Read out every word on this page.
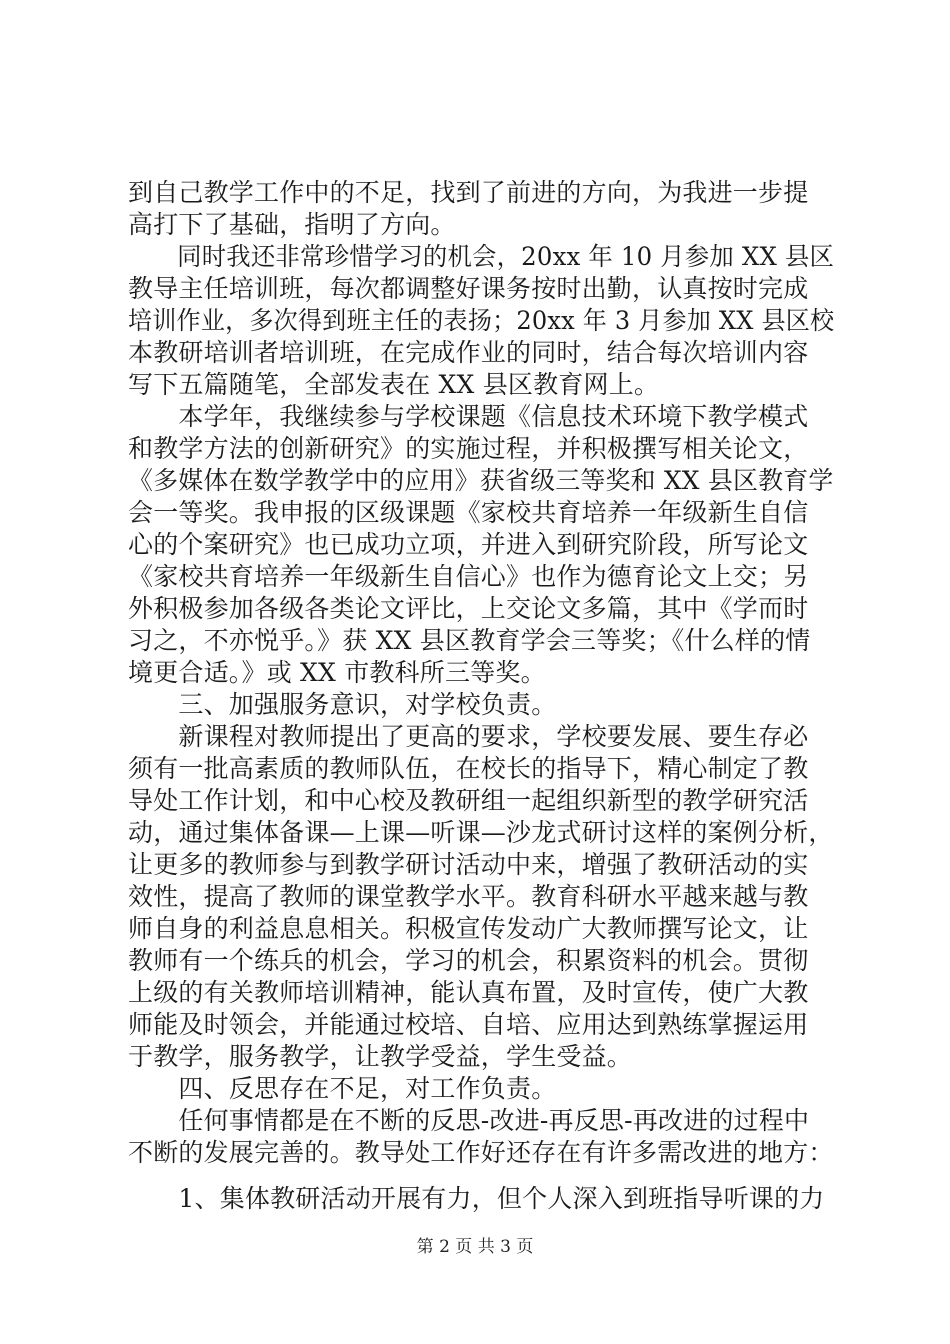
到自己教学工作中的不足，找到了前进的方向，为我进一步提
高打下了基础，指明了方向。
　　同时我还非常珍惜学习的机会，20xx 年 10 月参加 XX 县区
教导主任培训班，每次都调整好课务按时出勤，认真按时完成
培训作业，多次得到班主任的表扬；20xx 年 3 月参加 XX 县区校
本教研培训者培训班，在完成作业的同时，结合每次培训内容
写下五篇随笔，全部发表在 XX 县区教育网上。
　　本学年，我继续参与学校课题《信息技术环境下教学模式
和教学方法的创新研究》的实施过程，并积极撰写相关论文，
《多媒体在数学教学中的应用》获省级三等奖和 XX 县区教育学
会一等奖。我申报的区级课题《家校共育培养一年级新生自信
心的个案研究》也已成功立项，并进入到研究阶段，所写论文
《家校共育培养一年级新生自信心》也作为德育论文上交；另
外积极参加各级各类论文评比，上交论文多篇，其中《学而时
习之，不亦悦乎。》获 XX 县区教育学会三等奖；《什么样的情
境更合适。》或 XX 市教科所三等奖。
　　三、加强服务意识，对学校负责。
　　新课程对教师提出了更高的要求，学校要发展、要生存必
须有一批高素质的教师队伍，在校长的指导下，精心制定了教
导处工作计划，和中心校及教研组一起组织新型的教学研究活
动，通过集体备课—上课—听课—沙龙式研讨这样的案例分析，
让更多的教师参与到教学研讨活动中来，增强了教研活动的实
效性，提高了教师的课堂教学水平。教育科研水平越来越与教
师自身的利益息息相关。积极宣传发动广大教师撰写论文，让
教师有一个练兵的机会，学习的机会，积累资料的机会。贯彻
上级的有关教师培训精神，能认真布置，及时宣传，使广大教
师能及时领会，并能通过校培、自培、应用达到熟练掌握运用
于教学，服务教学，让教学受益，学生受益。
　　四、反思存在不足，对工作负责。
　　任何事情都是在不断的反思-改进-再反思-再改进的过程中
不断的发展完善的。教导处工作好还存在有许多需改进的地方：
　　1、集体教研活动开展有力，但个人深入到班指导听课的力
第 2 页 共 3 页
